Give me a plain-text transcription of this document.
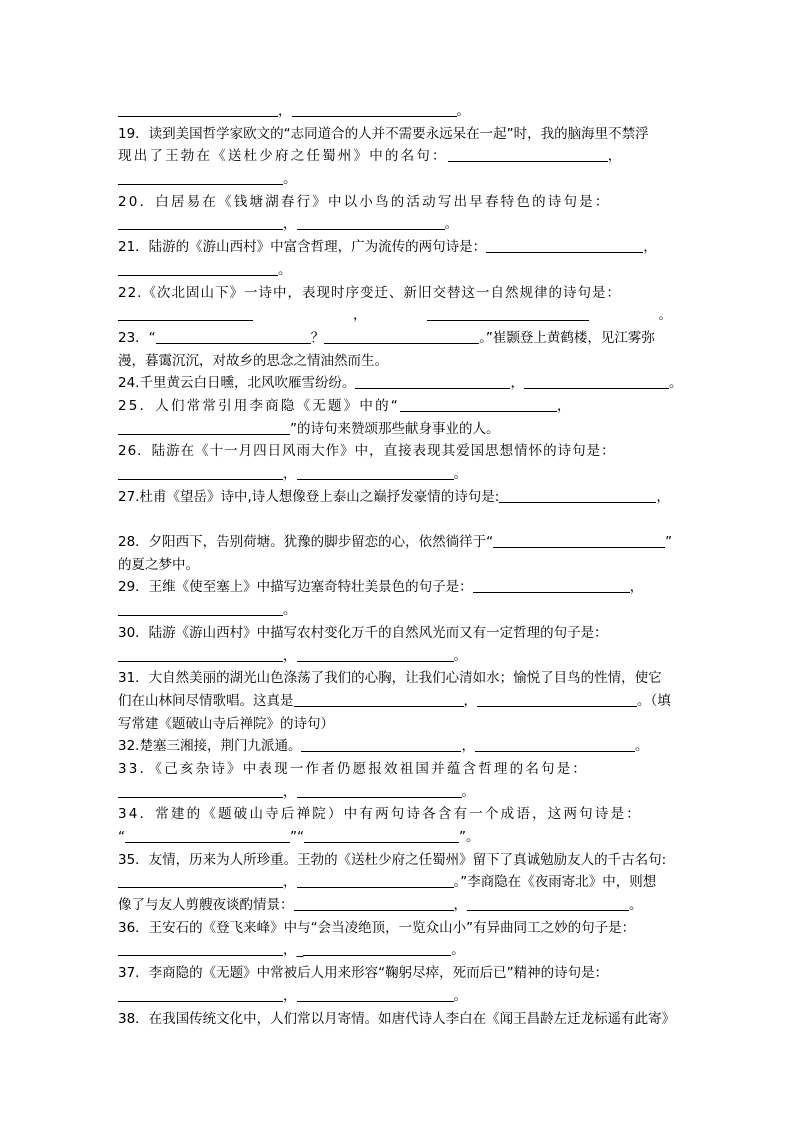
，	。
19．读到美国哲学家欧文的“志同道合的人并不需要永远呆在一起”时，我的脑海里不禁浮
现出了王勃在《送杜少府之任蜀州》中的名句：	，
。
20．白居易在《钱塘湖春行》中以小鸟的活动写出早春特色的诗句是：
，	。
21．陆游的《游山西村》中富含哲理，广为流传的两句诗是：	，
。
22.《次北固山下》一诗中，表现时序变迁、新旧交替这一自然规律的诗句是：
，	。
23．“	？	。”崔颢登上黄鹤楼，见江雾弥
漫，暮霭沉沉，对故乡的思念之情油然而生。
24.千里黄云白日曛，北风吹雁雪纷纷。	，	。
25．人们常常引用李商隐《无题》中的“	，
”的诗句来赞颂那些献身事业的人。
26．陆游在《十一月四日风雨大作》中，直接表现其爱国思想情怀的诗句是：
，	。
27.杜甫《望岳》诗中,诗人想像登上泰山之巅抒发豪情的诗句是:	，
28．夕阳西下，告别荷塘。犹豫的脚步留恋的心，依然徜徉于“	”
的夏之梦中。
29．王维《使至塞上》中描写边塞奇特壮美景色的句子是：	，
。
30．陆游《游山西村》中描写农村变化万千的自然风光而又有一定哲理的句子是：
，	。
31．大自然美丽的湖光山色涤荡了我们的心胸，让我们心清如水；愉悦了目鸟的性情，使它
们在山林间尽情歌唱。这真是	，	。（填
写常建《题破山寺后禅院》的诗句）
32.楚塞三湘接，荆门九派通。	，	。
33．《己亥杂诗》中表现一作者仍愿报效祖国并蕴含哲理的名句是：
，	。
34．常建的《题破山寺后禅院）中有两句诗各含有一个成语，这两句诗是：
“	”“	”。
35．友情，历来为人所珍重。王勃的《送杜少府之任蜀州》留下了真诚勉励友人的千古名句:
，	。”李商隐在《夜雨寄北》中，则想
像了与友人剪艘夜谈酌情景：	，	。
36．王安石的《登飞来峰》中与“会当凌绝顶，一览众山小”有异曲同工之妙的句子是：
，_	。
37．李商隐的《无题》中常被后人用来形容“鞠躬尽瘁，死而后已”精神的诗句是：
，	。
38．在我国传统文化中，人们常以月寄情。如唐代诗人李白在《闻王昌龄左迁龙标遥有此寄》
